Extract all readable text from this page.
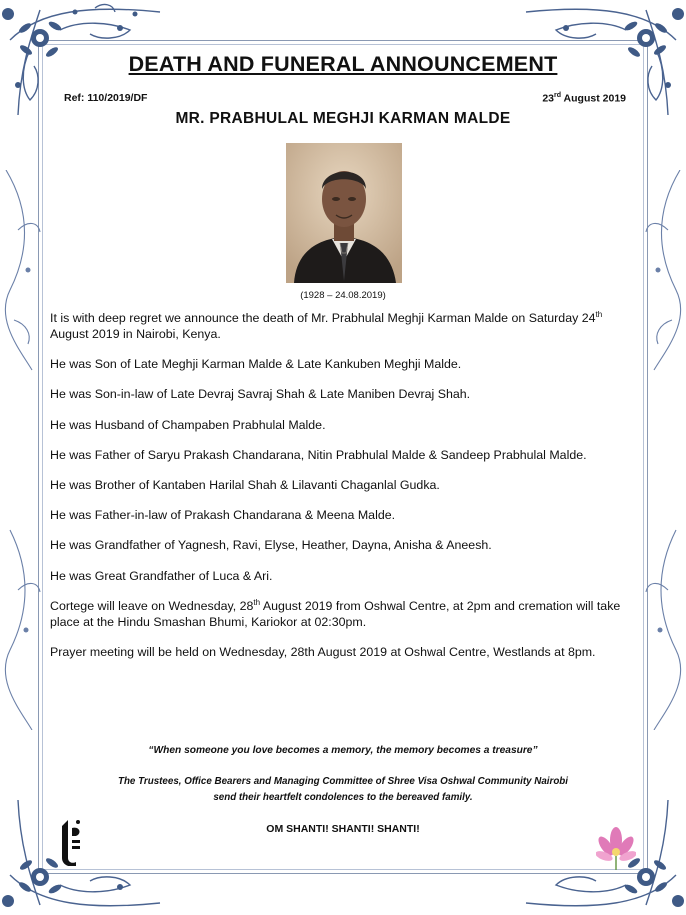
DEATH AND FUNERAL ANNOUNCEMENT
Ref: 110/2019/DF	23rd August 2019
MR. PRABHULAL MEGHJI KARMAN MALDE
(1928 – 24.08.2019)

It is with deep regret we announce the death of Mr. Prabhulal Meghji Karman Malde on Saturday 24th August 2019 in Nairobi, Kenya.

He was Son of Late Meghji Karman Malde & Late Kankuben Meghji Malde.

He was Son-in-law of Late Devraj Savraj Shah & Late Maniben Devraj Shah.

He was Husband of Champaben Prabhulal Malde.

He was Father of Saryu Prakash Chandarana, Nitin Prabhulal Malde & Sandeep Prabhulal Malde.

He was Brother of Kantaben Harilal Shah & Lilavanti Chaganlal Gudka.

He was Father-in-law of Prakash Chandarana & Meena Malde.

He was Grandfather of Yagnesh, Ravi, Elyse, Heather, Dayna, Anisha & Aneesh.

He was Great Grandfather of Luca & Ari.

Cortege will leave on Wednesday, 28th August 2019 from Oshwal Centre, at 2pm and cremation will take place at the Hindu Smashan Bhumi, Kariokor at 02:30pm.

Prayer meeting will be held on Wednesday, 28th August 2019 at Oshwal Centre, Westlands at 8pm.

“When someone you love becomes a memory, the memory becomes a treasure”
The Trustees, Office Bearers and Managing Committee of Shree Visa Oshwal Community Nairobi
send their heartfelt condolences to the bereaved family.
OM SHANTI! SHANTI! SHANTI!
